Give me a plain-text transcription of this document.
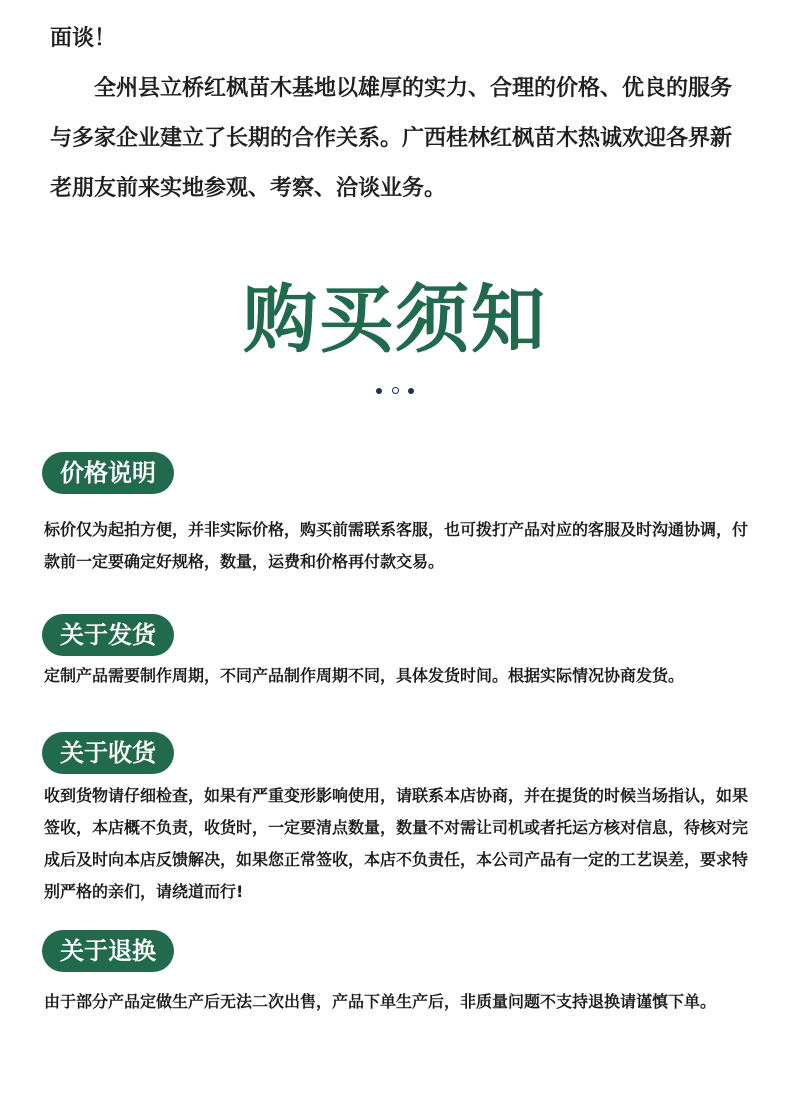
面谈！

全州县立桥红枫苗木基地以雄厚的实力、合理的价格、优良的服务与多家企业建立了长期的合作关系。广西桂林红枫苗木热诚欢迎各界新老朋友前来实地参观、考察、洽谈业务。

购买须知

价格说明

标价仅为起拍方便，并非实际价格，购买前需联系客服，也可拨打产品对应的客服及时沟通协调，付款前一定要确定好规格，数量，运费和价格再付款交易。

关于发货

定制产品需要制作周期，不同产品制作周期不同，具体发货时间。根据实际情况协商发货。

关于收货

收到货物请仔细检查，如果有严重变形影响使用，请联系本店协商，并在提货的时候当场指认，如果签收，本店概不负责，收货时，一定要清点数量，数量不对需让司机或者托运方核对信息，待核对完成后及时向本店反馈解决，如果您正常签收，本店不负责任，本公司产品有一定的工艺误差，要求特别严格的亲们，请绕道而行!

关于退换

由于部分产品定做生产后无法二次出售，产品下单生产后，非质量问题不支持退换请谨慎下单。
